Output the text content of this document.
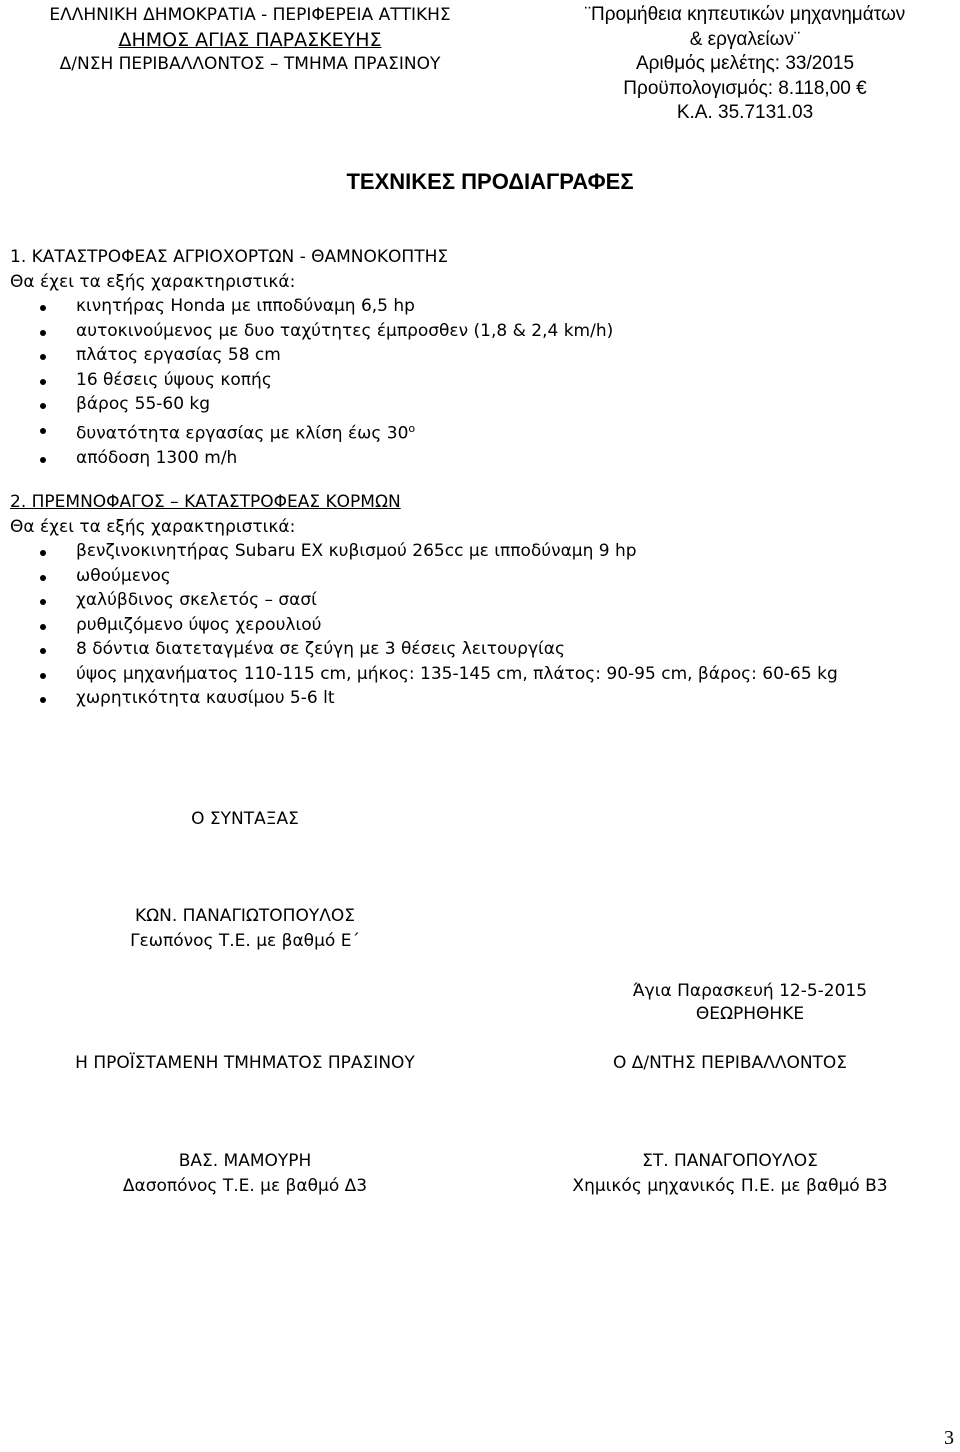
ΕΛΛΗΝΙΚΗ ΔΗΜΟΚΡΑΤΙΑ - ΠΕΡΙΦΕΡΕΙΑ ΑΤΤΙΚΗΣ
ΔΗΜΟΣ ΑΓΙΑΣ ΠΑΡΑΣΚΕΥΗΣ
Δ/ΝΣΗ ΠΕΡΙΒΑΛΛΟΝΤΟΣ – ΤΜΗΜΑ ΠΡΑΣΙΝΟΥ
¨Προμήθεια κηπευτικών μηχανημάτων
& εργαλείων¨
Αριθμός μελέτης: 33/2015
Προϋπολογισμός: 8.118,00 €
Κ.Α. 35.7131.03
ΤΕΧΝΙΚΕΣ ΠΡΟΔΙΑΓΡΑΦΕΣ
1. ΚΑΤΑΣΤΡΟΦΕΑΣ ΑΓΡΙΟΧΟΡΤΩΝ - ΘΑΜΝΟΚΟΠΤΗΣ
Θα έχει τα εξής χαρακτηριστικά:
κινητήρας Honda με ιπποδύναμη 6,5 hp
αυτοκινούμενος με δυο ταχύτητες έμπροσθεν (1,8 & 2,4 km/h)
πλάτος εργασίας 58 cm
16 θέσεις ύψους κοπής
βάρος 55-60 kg
δυνατότητα εργασίας με κλίση έως $30^o$
απόδοση 1300 m/h
2. ΠΡΕΜΝΟΦΑΓΟΣ – ΚΑΤΑΣΤΡΟΦΕΑΣ ΚΟΡΜΩΝ
Θα έχει τα εξής χαρακτηριστικά:
βενζινοκινητήρας Subaru EX κυβισμού 265cc με ιπποδύναμη 9 hp
ωθούμενος
χαλύβδινος σκελετός – σασί
ρυθμιζόμενο ύψος χερουλιού
8 δόντια διατεταγμένα σε ζεύγη με 3 θέσεις λειτουργίας
ύψος μηχανήματος 110-115 cm, μήκος: 135-145 cm, πλάτος: 90-95 cm, βάρος: 60-65 kg
χωρητικότητα καυσίμου 5-6 lt
Ο ΣΥΝΤΑΞΑΣ
ΚΩΝ. ΠΑΝΑΓΙΩΤΟΠΟΥΛΟΣ
Γεωπόνος Τ.Ε. με βαθμό Ε΄
Άγια Παρασκευή 12-5-2015
ΘΕΩΡΗΘΗΚΕ
Η ΠΡΟΪΣΤΑΜΕΝΗ ΤΜΗΜΑΤΟΣ ΠΡΑΣΙΝΟΥ
ΒΑΣ. ΜΑΜΟΥΡΗ
Δασοπόνος Τ.Ε. με βαθμό Δ3
Ο Δ/ΝΤΗΣ ΠΕΡΙΒΑΛΛΟΝΤΟΣ
ΣΤ. ΠΑΝΑΓΟΠΟΥΛΟΣ
Χημικός μηχανικός Π.Ε. με βαθμό Β3
3
